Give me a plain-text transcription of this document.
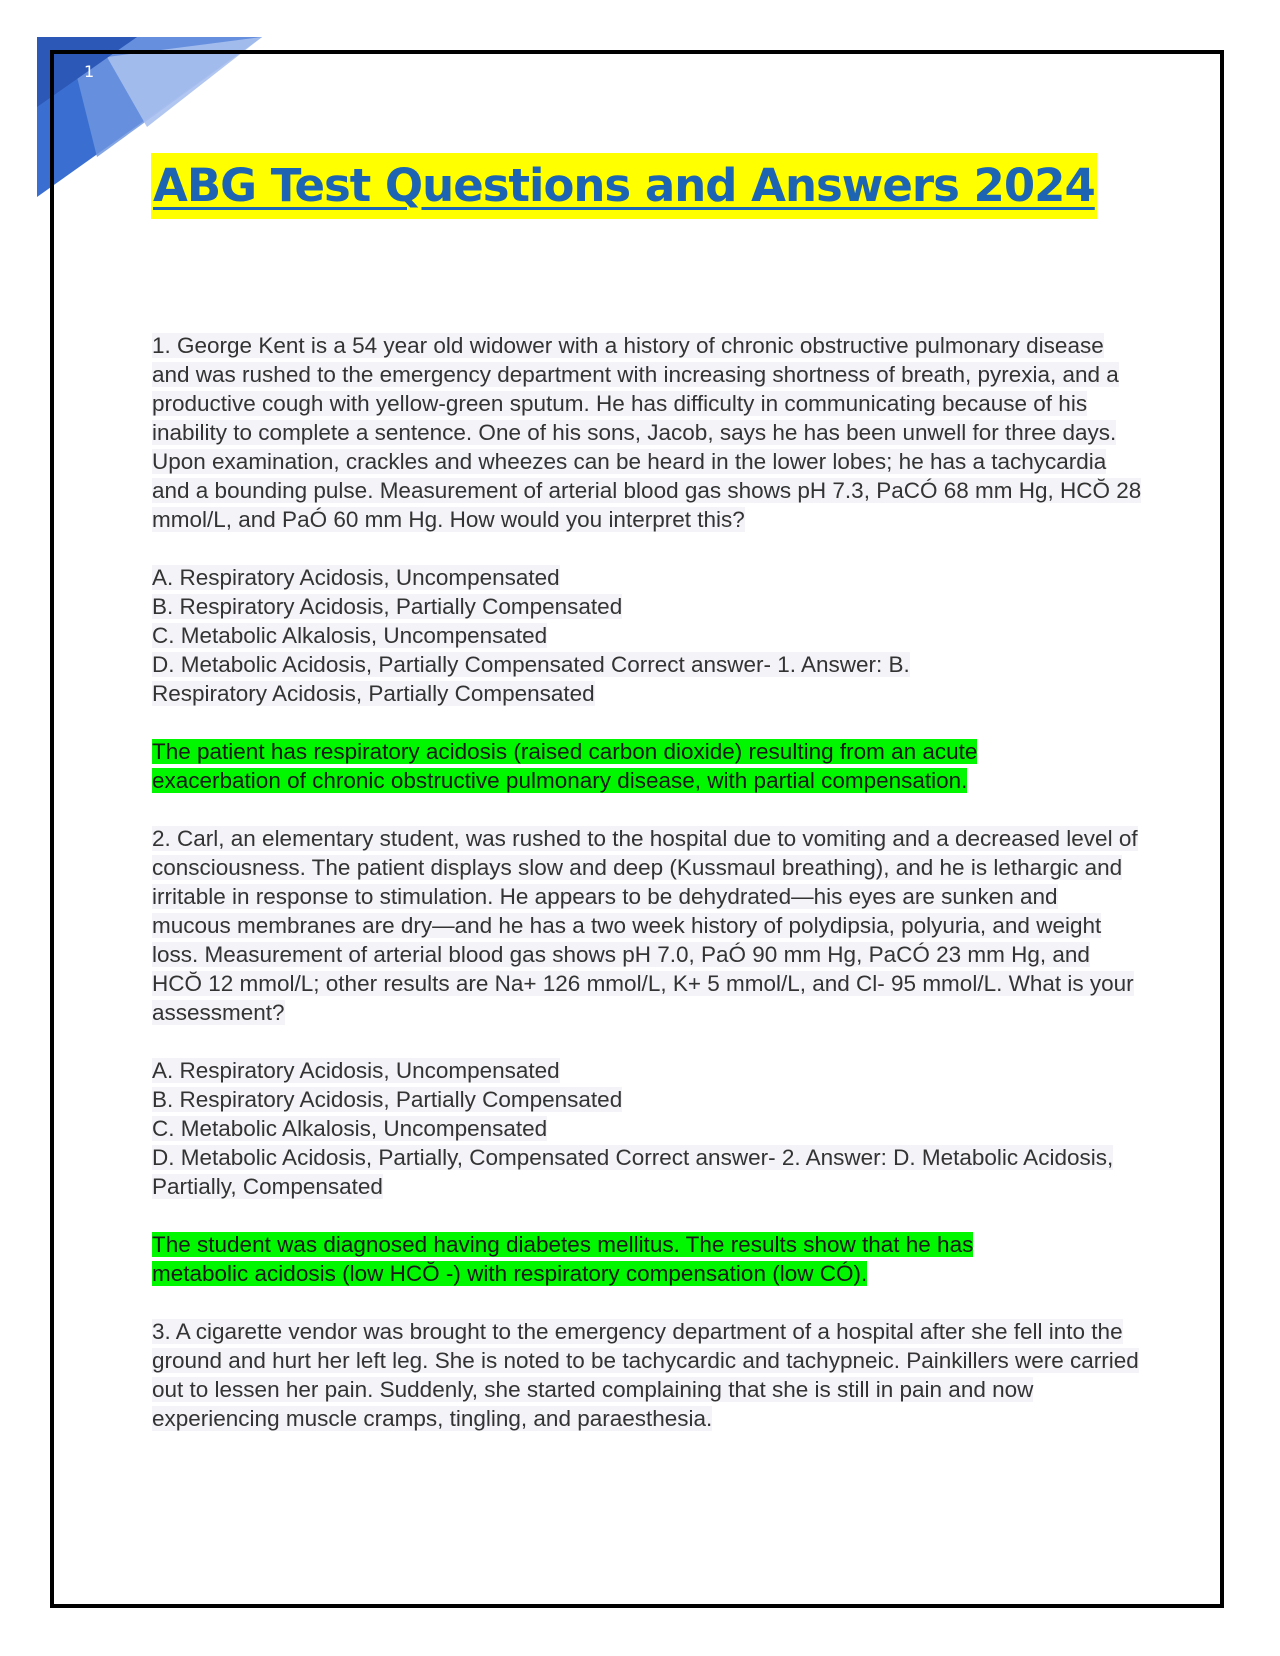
1
ABG Test Questions and Answers 2024

1. George Kent is a 54 year old widower with a history of chronic obstructive pulmonary disease and was rushed to the emergency department with increasing shortness of breath, pyrexia, and a productive cough with yellow-green sputum. He has difficulty in communicating because of his inability to complete a sentence. One of his sons, Jacob, says he has been unwell for three days. Upon examination, crackles and wheezes can be heard in the lower lobes; he has a tachycardia and a bounding pulse. Measurement of arterial blood gas shows pH 7.3, PaCÓ 68 mm Hg, HCŎ 28 mmol/L, and PaÓ 60 mm Hg. How would you interpret this?

A. Respiratory Acidosis, Uncompensated
B. Respiratory Acidosis, Partially Compensated
C. Metabolic Alkalosis, Uncompensated
D. Metabolic Acidosis, Partially Compensated Correct answer- 1. Answer: B. Respiratory Acidosis, Partially Compensated

The patient has respiratory acidosis (raised carbon dioxide) resulting from an acute exacerbation of chronic obstructive pulmonary disease, with partial compensation.

2. Carl, an elementary student, was rushed to the hospital due to vomiting and a decreased level of consciousness. The patient displays slow and deep (Kussmaul breathing), and he is lethargic and irritable in response to stimulation. He appears to be dehydrated—his eyes are sunken and mucous membranes are dry—and he has a two week history of polydipsia, polyuria, and weight loss. Measurement of arterial blood gas shows pH 7.0, PaÓ 90 mm Hg, PaCÓ 23 mm Hg, and HCŎ 12 mmol/L; other results are Na+ 126 mmol/L, K+ 5 mmol/L, and Cl- 95 mmol/L. What is your assessment?

A. Respiratory Acidosis, Uncompensated
B. Respiratory Acidosis, Partially Compensated
C. Metabolic Alkalosis, Uncompensated
D. Metabolic Acidosis, Partially, Compensated Correct answer- 2. Answer: D. Metabolic Acidosis, Partially, Compensated

The student was diagnosed having diabetes mellitus. The results show that he has metabolic acidosis (low HCŎ -) with respiratory compensation (low CÓ).

3. A cigarette vendor was brought to the emergency department of a hospital after she fell into the ground and hurt her left leg. She is noted to be tachycardic and tachypneic. Painkillers were carried out to lessen her pain. Suddenly, she started complaining that she is still in pain and now experiencing muscle cramps, tingling, and paraesthesia.
